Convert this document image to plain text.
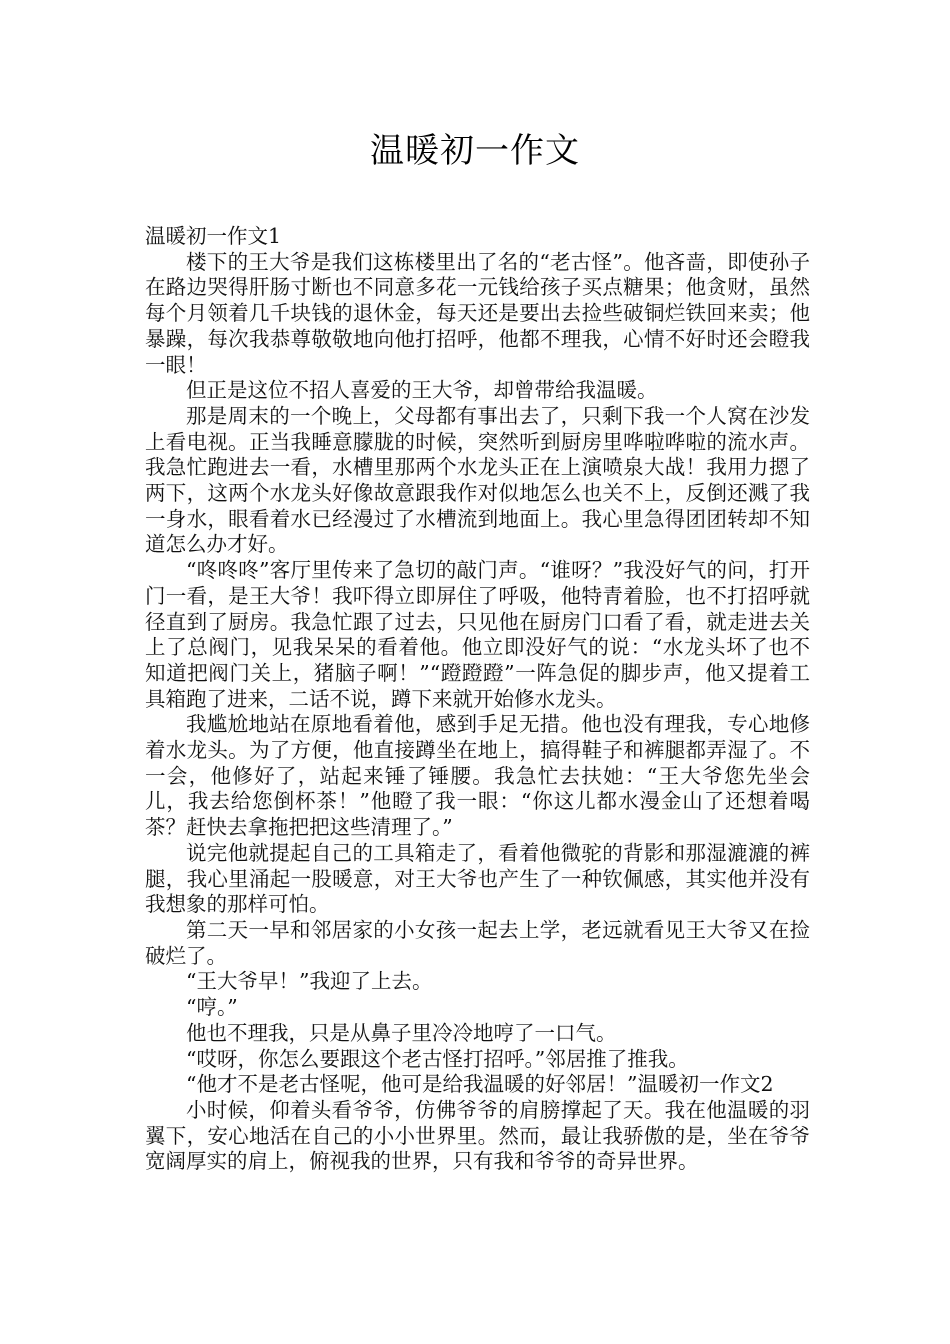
温暖初一作文

温暖初一作文1

楼下的王大爷是我们这栋楼里出了名的“老古怪”。他吝啬，即使孙子在路边哭得肝肠寸断也不同意多花一元钱给孩子买点糖果；他贪财，虽然每个月领着几千块钱的退休金，每天还是要出去捡些破铜烂铁回来卖；他暴躁，每次我恭尊敬敬地向他打招呼，他都不理我，心情不好时还会瞪我一眼！

但正是这位不招人喜爱的王大爷，却曾带给我温暖。

那是周末的一个晚上，父母都有事出去了，只剩下我一个人窝在沙发上看电视。正当我睡意朦胧的时候，突然听到厨房里哗啦哗啦的流水声。我急忙跑进去一看，水槽里那两个水龙头正在上演喷泉大战！我用力摁了两下，这两个水龙头好像故意跟我作对似地怎么也关不上，反倒还溅了我一身水，眼看着水已经漫过了水槽流到地面上。我心里急得团团转却不知道怎么办才好。

“咚咚咚”客厅里传来了急切的敲门声。“谁呀？”我没好气的问，打开门一看，是王大爷！我吓得立即屏住了呼吸，他特青着脸，也不打招呼就径直到了厨房。我急忙跟了过去，只见他在厨房门口看了看，就走进去关上了总阀门，见我呆呆的看着他。他立即没好气的说：“水龙头坏了也不知道把阀门关上，猪脑子啊！”“蹬蹬蹬”一阵急促的脚步声，他又提着工具箱跑了进来，二话不说，蹲下来就开始修水龙头。

我尴尬地站在原地看着他，感到手足无措。他也没有理我，专心地修着水龙头。为了方便，他直接蹲坐在地上，搞得鞋子和裤腿都弄湿了。不一会，他修好了，站起来锤了锤腰。我急忙去扶她：“王大爷您先坐会儿，我去给您倒杯茶！”他瞪了我一眼：“你这儿都水漫金山了还想着喝茶？赶快去拿拖把把这些清理了。”

说完他就提起自己的工具箱走了，看着他微驼的背影和那湿漉漉的裤腿，我心里涌起一股暖意，对王大爷也产生了一种钦佩感，其实他并没有我想象的那样可怕。

第二天一早和邻居家的小女孩一起去上学，老远就看见王大爷又在捡破烂了。

“王大爷早！”我迎了上去。

“哼。”

他也不理我，只是从鼻子里冷冷地哼了一口气。

“哎呀，你怎么要跟这个老古怪打招呼。”邻居推了推我。

“他才不是老古怪呢，他可是给我温暖的好邻居！”温暖初一作文2

小时候，仰着头看爷爷，仿佛爷爷的肩膀撑起了天。我在他温暖的羽翼下，安心地活在自己的小小世界里。然而，最让我骄傲的是，坐在爷爷宽阔厚实的肩上，俯视我的世界，只有我和爷爷的奇异世界。
